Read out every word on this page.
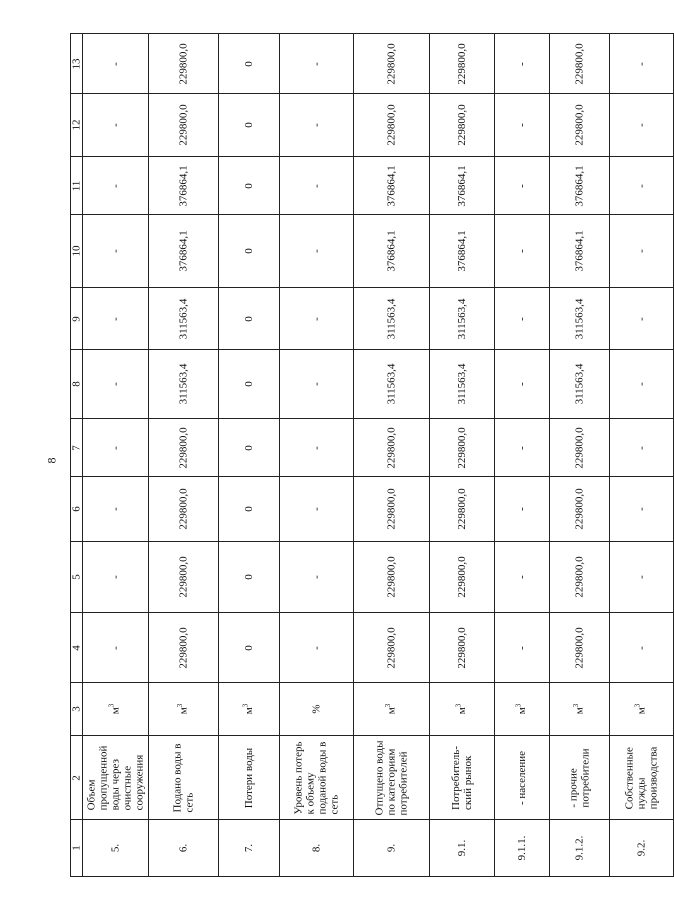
8
13	-	229800,0	0	-	229800,0	229800,0	-	229800,0	-

12	-	229800,0	0	-	229800,0	229800,0	-	229800,0	-

11	-	376864,1	0	-	376864,1	376864,1	-	376864,1	-

10	-	376864,1	0	-	376864,1	376864,1	-	376864,1	-

9	-	311563,4	0	-	311563,4	311563,4	-	311563,4	-

8	-	311563,4	0	-	311563,4	311563,4	-	311563,4	-

7	-	229800,0	0	-	229800,0	229800,0	-	229800,0	-

6	-	229800,0	0	-	229800,0	229800,0	-	229800,0	-

5	-	229800,0	0	-	229800,0	229800,0	-	229800,0	-

4	-	229800,0	0	-	229800,0	229800,0	-	229800,0	-

3	$м^3$	$м^3$	$м^3$	%	$м^3$	$м^3$	$м^3$	$м^3$	$м^3$

2	Объем пропущенной воды через очистные сооружения	Подано воды в сеть	Потери воды	Уровень потерь к объему поданой воды в сеть	Отпущено воды по категориям потребителей	Потребитель- ский рынок	- население	- прочие потребители	Собственные нужды производства

1	5.	6.	7.	8.	9.	9.1.	9.1.1.	9.1.2.	9.2.
